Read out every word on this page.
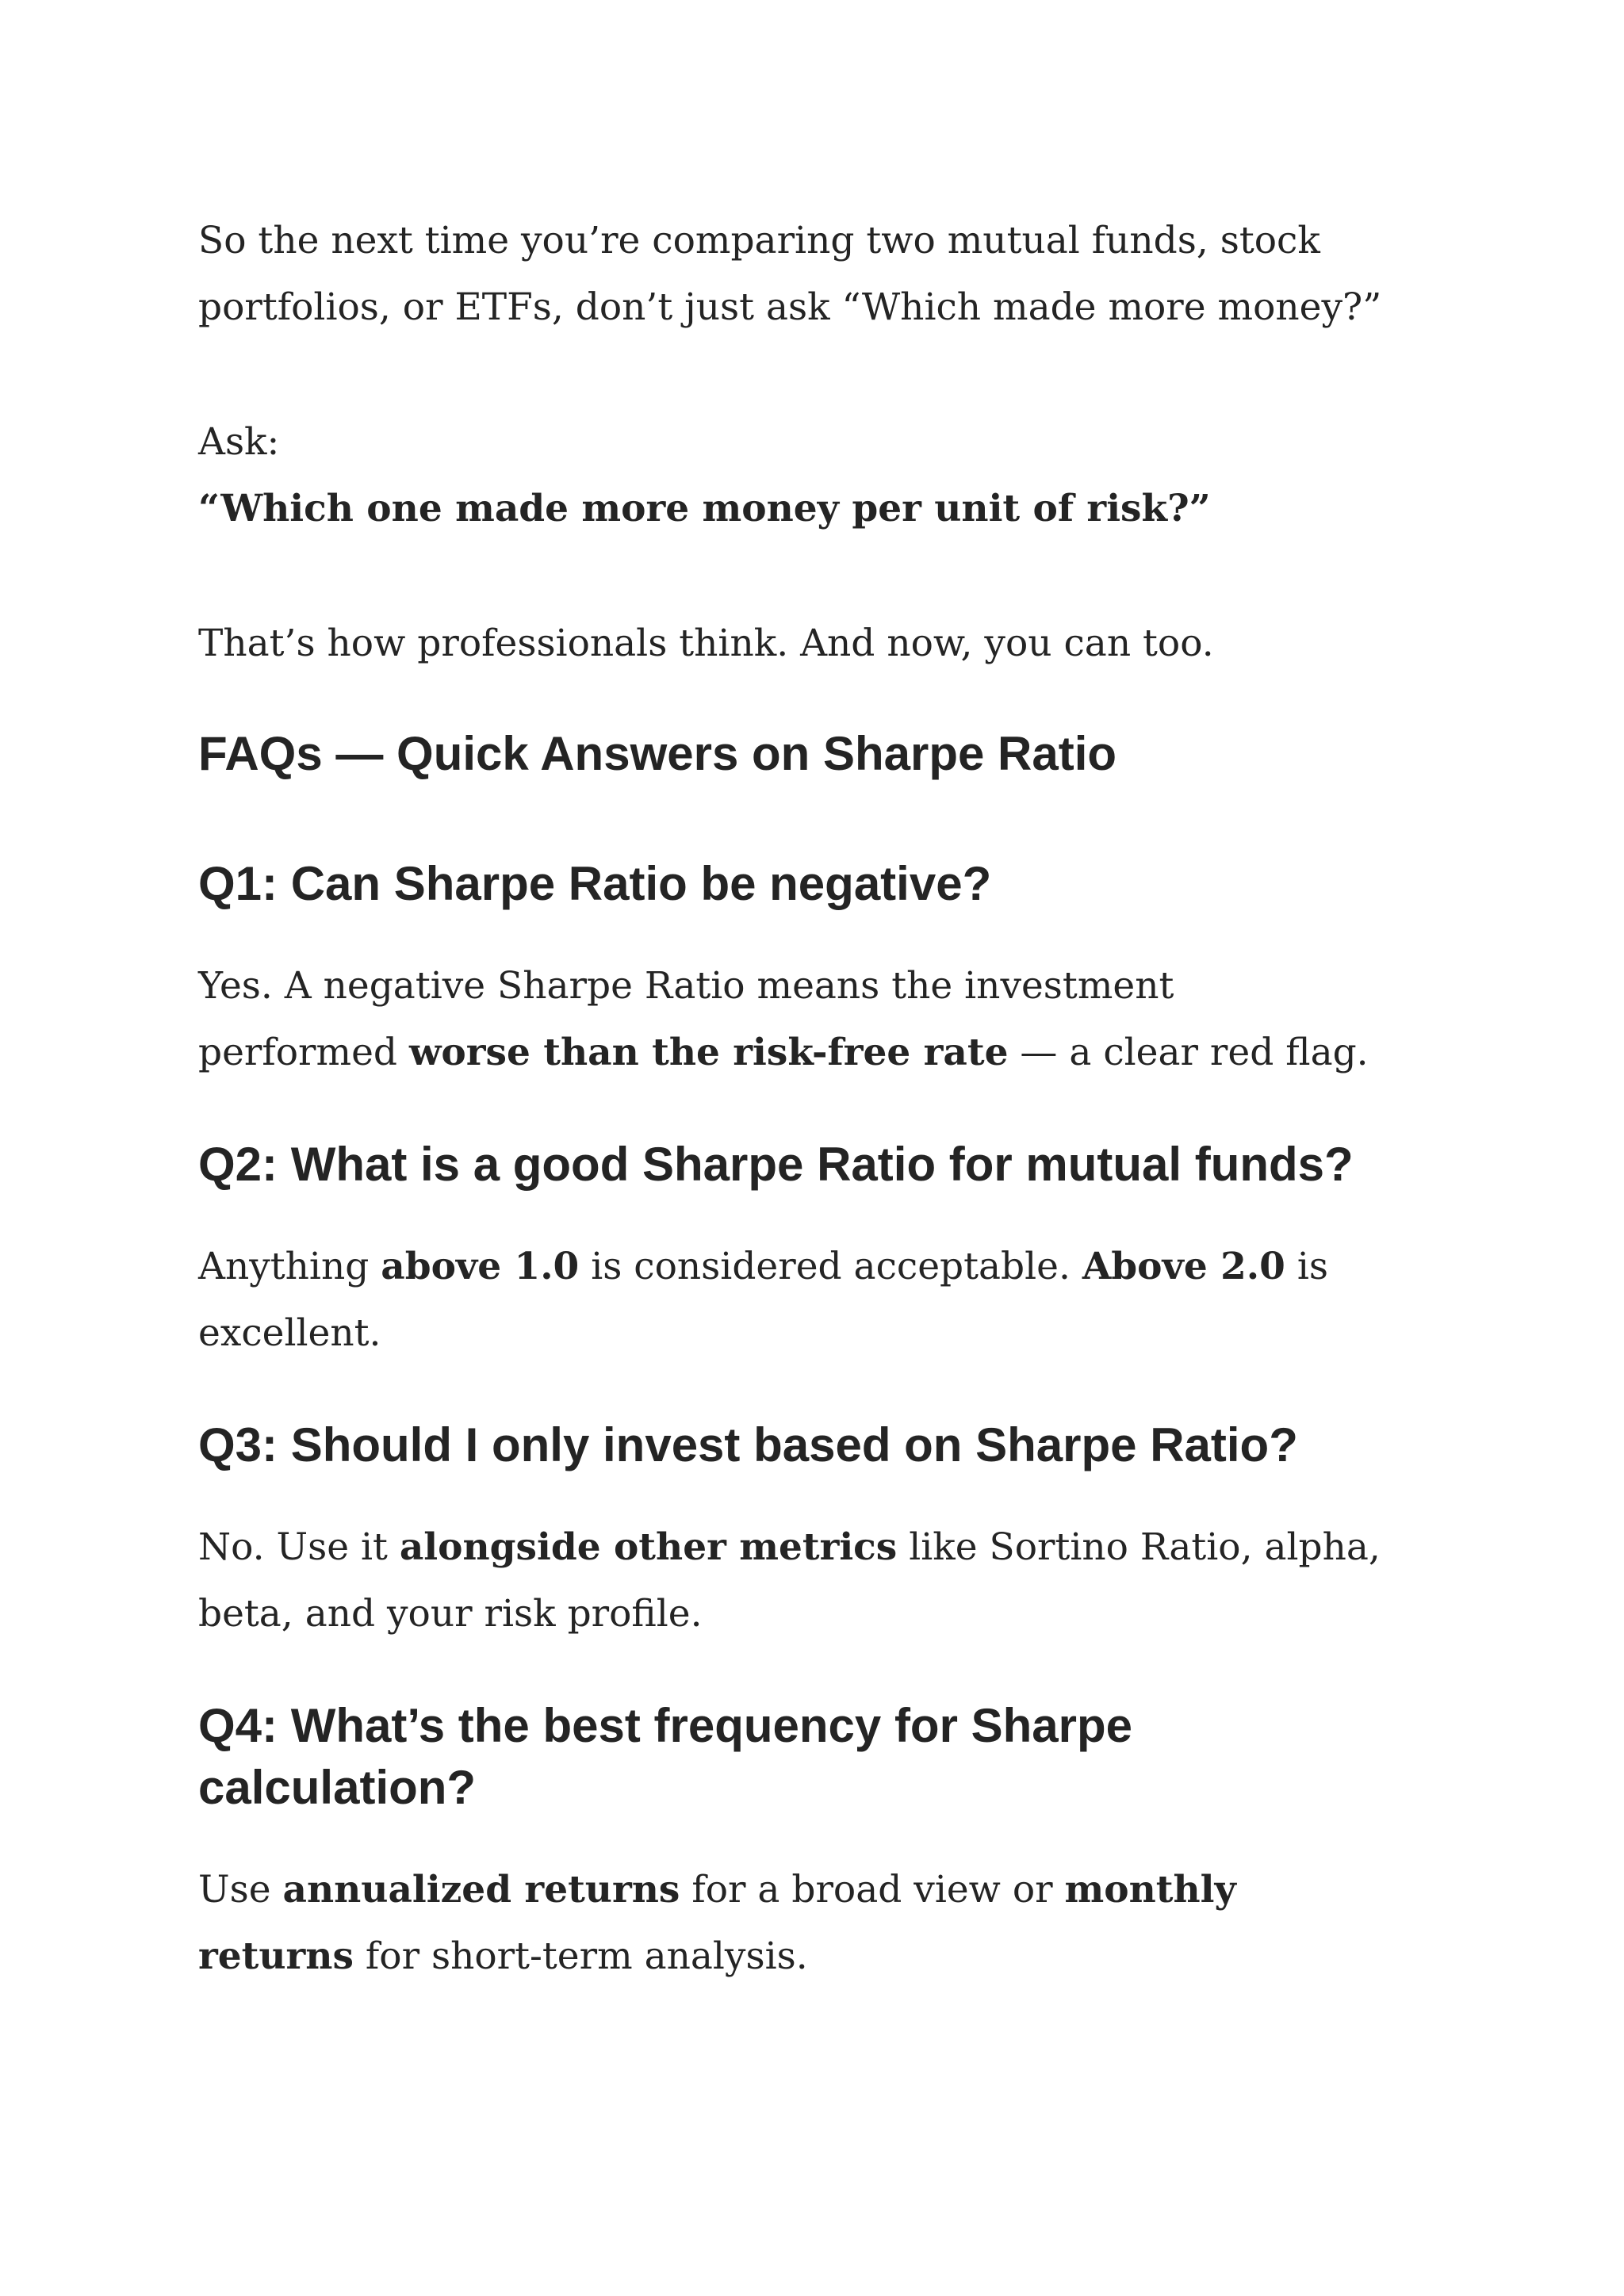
So the next time you’re comparing two mutual funds, stock
portfolios, or ETFs, don’t just ask “Which made more money?”

Ask:
“Which one made more money per unit of risk?”

That’s how professionals think. And now, you can too.

FAQs — Quick Answers on Sharpe Ratio
Q1: Can Sharpe Ratio be negative?

Yes. A negative Sharpe Ratio means the investment
performed worse than the risk-free rate — a clear red flag.

Q2: What is a good Sharpe Ratio for mutual funds?

Anything above 1.0 is considered acceptable. Above 2.0 is
excellent.

Q3: Should I only invest based on Sharpe Ratio?

No. Use it alongside other metrics like Sortino Ratio, alpha,
beta, and your risk profile.

Q4: What’s the best frequency for Sharpe
calculation?

Use annualized returns for a broad view or monthly
returns for short-term analysis.
